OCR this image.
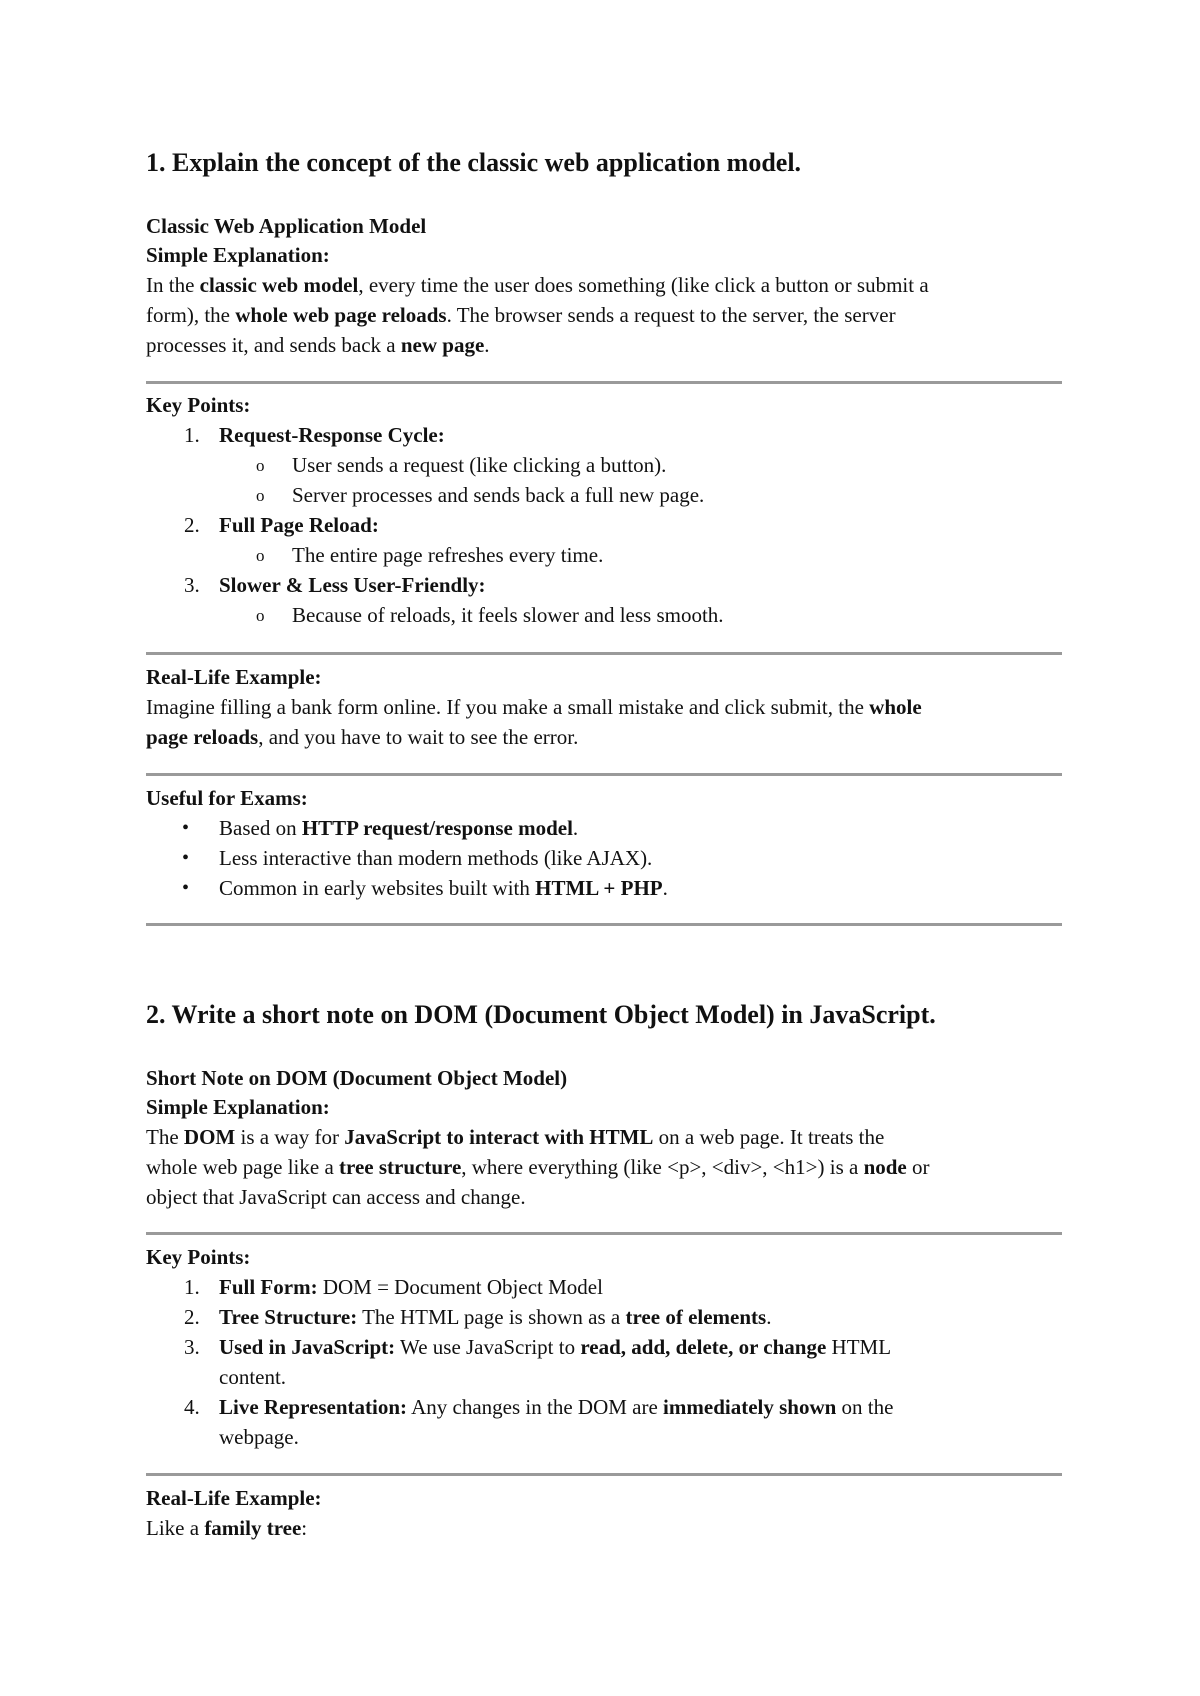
1. Explain the concept of the classic web application model.
Classic Web Application Model
Simple Explanation:
In the classic web model, every time the user does something (like click a button or submit a
form), the whole web page reloads. The browser sends a request to the server, the server
processes it, and sends back a new page.
Key Points:
1. Request-Response Cycle:
o User sends a request (like clicking a button).
o Server processes and sends back a full new page.
2. Full Page Reload:
o The entire page refreshes every time.
3. Slower & Less User-Friendly:
o Because of reloads, it feels slower and less smooth.
Real-Life Example:
Imagine filling a bank form online. If you make a small mistake and click submit, the whole
page reloads, and you have to wait to see the error.
Useful for Exams:
• Based on HTTP request/response model.
• Less interactive than modern methods (like AJAX).
• Common in early websites built with HTML + PHP.
2. Write a short note on DOM (Document Object Model) in JavaScript.
Short Note on DOM (Document Object Model)
Simple Explanation:
The DOM is a way for JavaScript to interact with HTML on a web page. It treats the
whole web page like a tree structure, where everything (like <p>, <div>, <h1>) is a node or
object that JavaScript can access and change.
Key Points:
1. Full Form: DOM = Document Object Model
2. Tree Structure: The HTML page is shown as a tree of elements.
3. Used in JavaScript: We use JavaScript to read, add, delete, or change HTML
content.
4. Live Representation: Any changes in the DOM are immediately shown on the
webpage.
Real-Life Example:
Like a family tree:
